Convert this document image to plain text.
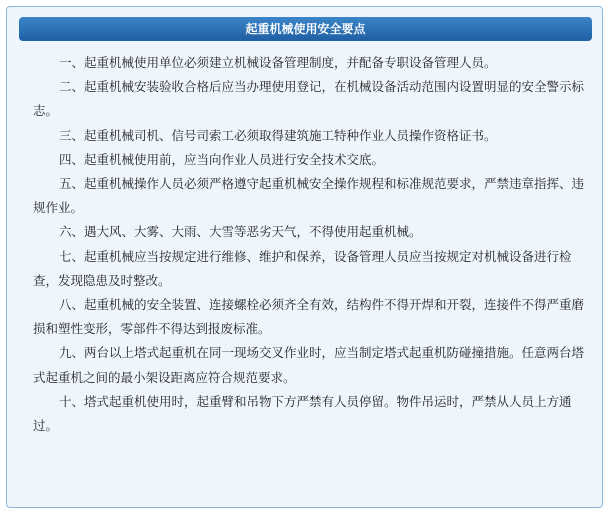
起重机械使用安全要点

一、起重机械使用单位必须建立机械设备管理制度，并配备专职设备管理人员。

二、起重机械安装验收合格后应当办理使用登记，在机械设备活动范围内设置明显的安全警示标志。

三、起重机械司机、信号司索工必须取得建筑施工特种作业人员操作资格证书。

四、起重机械使用前，应当向作业人员进行安全技术交底。

五、起重机械操作人员必须严格遵守起重机械安全操作规程和标准规范要求，严禁违章指挥、违规作业。

六、遇大风、大雾、大雨、大雪等恶劣天气，不得使用起重机械。

七、起重机械应当按规定进行维修、维护和保养，设备管理人员应当按规定对机械设备进行检查，发现隐患及时整改。

八、起重机械的安全装置、连接螺栓必须齐全有效，结构件不得开焊和开裂，连接件不得严重磨损和塑性变形，零部件不得达到报废标准。

九、两台以上塔式起重机在同一现场交叉作业时，应当制定塔式起重机防碰撞措施。任意两台塔式起重机之间的最小架设距离应符合规范要求。

十、塔式起重机使用时，起重臂和吊物下方严禁有人员停留。物件吊运时，严禁从人员上方通过。
